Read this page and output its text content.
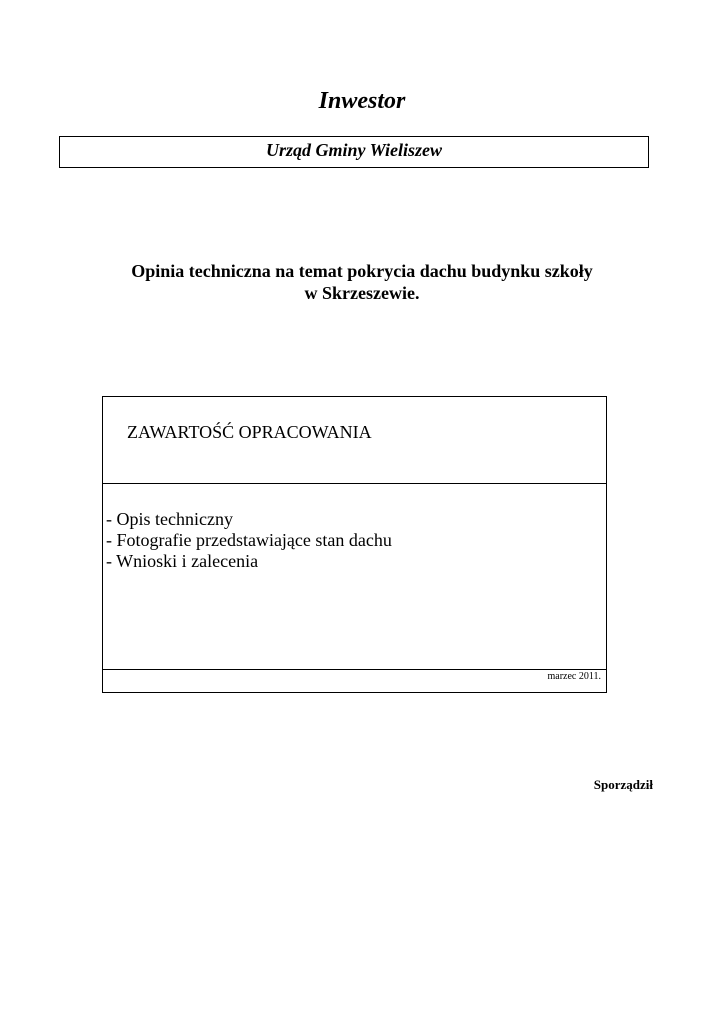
Inwestor
Urząd Gminy Wieliszew
Opinia techniczna na temat pokrycia dachu budynku szkoły
w Skrzeszewie.
ZAWARTOŚĆ OPRACOWANIA
- Opis techniczny
- Fotografie przedstawiające stan dachu
- Wnioski i zalecenia
marzec 2011.
Sporządził
